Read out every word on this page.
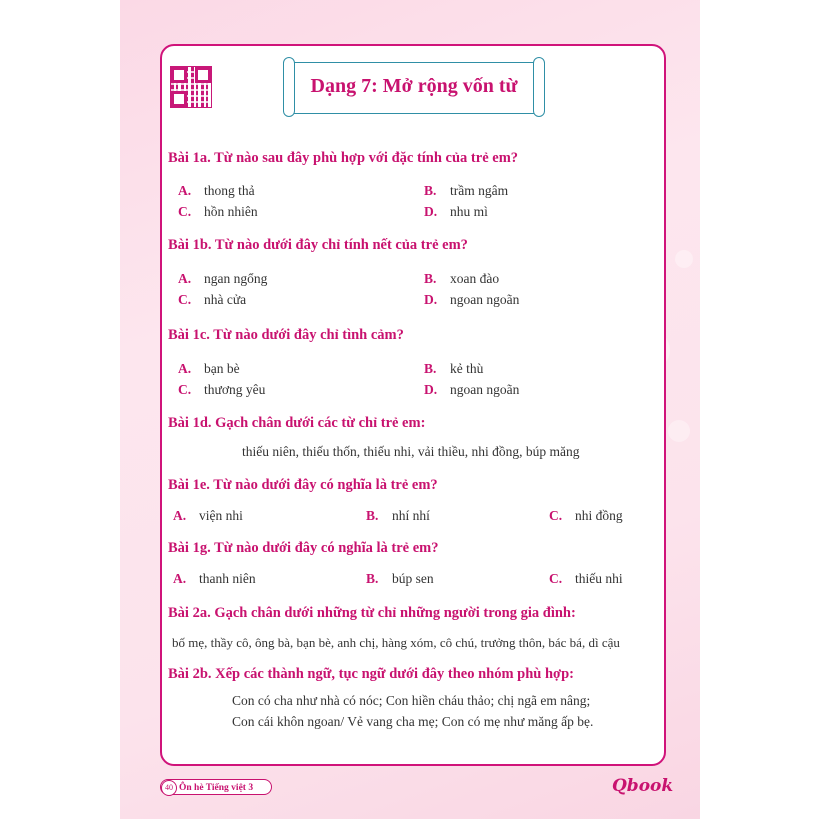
Dạng 7: Mở rộng vốn từ
Bài 1a. Từ nào sau đây phù hợp với đặc tính của trẻ em?
A. thong thả	B. trầm ngâm
C. hồn nhiên	D. nhu mì
Bài 1b. Từ nào dưới đây chỉ tính nết của trẻ em?
A. ngan ngổng	B. xoan đào
C. nhà cửa	D. ngoan ngoãn
Bài 1c. Từ nào dưới đây chỉ tình cảm?
A. bạn bè	B. kẻ thù
C. thương yêu	D. ngoan ngoãn
Bài 1d. Gạch chân dưới các từ chỉ trẻ em:
thiếu niên, thiếu thốn, thiếu nhi, vải thiều, nhi đồng, búp măng
Bài 1e. Từ nào dưới đây có nghĩa là trẻ em?
A. viện nhi	B. nhí nhí	C. nhi đồng
Bài 1g. Từ nào dưới đây có nghĩa là trẻ em?
A. thanh niên	B. búp sen	C. thiếu nhi
Bài 2a. Gạch chân dưới những từ chỉ những người trong gia đình:
bố mẹ, thầy cô, ông bà, bạn bè, anh chị, hàng xóm, cô chú, trưởng thôn, bác bá, dì cậu
Bài 2b. Xếp các thành ngữ, tục ngữ dưới đây theo nhóm phù hợp:
Con có cha như nhà có nóc; Con hiền cháu thảo; chị ngã em nâng;
Con cái khôn ngoan/ Vẻ vang cha mẹ; Con có mẹ như măng ấp bẹ.
Ôn hè Tiếng việt 3
40	Qbook
